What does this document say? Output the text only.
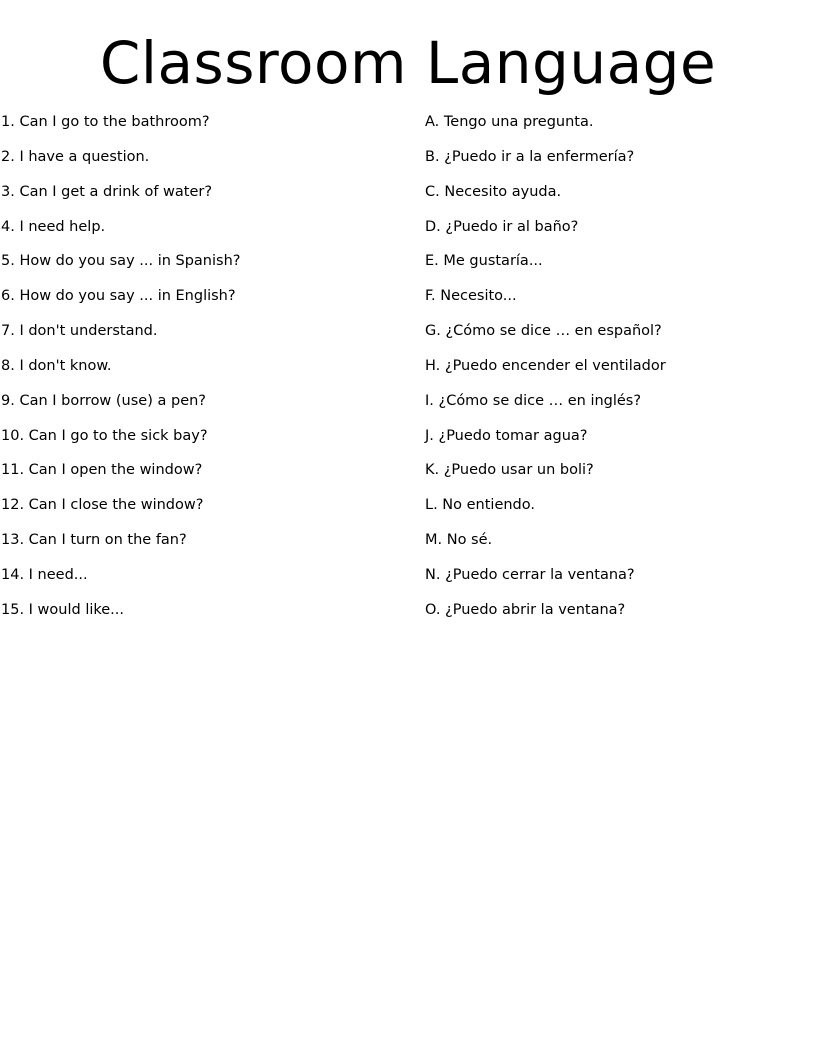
Classroom Language
1. Can I go to the bathroom?
2. I have a question.
3. Can I get a drink of water?
4. I need help.
5. How do you say ... in Spanish?
6. How do you say ... in English?
7. I don't understand.
8. I don't know.
9. Can I borrow (use) a pen?
10. Can I go to the sick bay?
11. Can I open the window?
12. Can I close the window?
13. Can I turn on the fan?
14. I need...
15. I would like...
A. Tengo una pregunta.
B. ¿Puedo ir a la enfermería?
C. Necesito ayuda.
D. ¿Puedo ir al baño?
E. Me gustaría...
F. Necesito...
G. ¿Cómo se dice … en español?
H. ¿Puedo encender el ventilador
I. ¿Cómo se dice … en inglés?
J. ¿Puedo tomar agua?
K. ¿Puedo usar un boli?
L. No entiendo.
M. No sé.
N. ¿Puedo cerrar la ventana?
O. ¿Puedo abrir la ventana?
